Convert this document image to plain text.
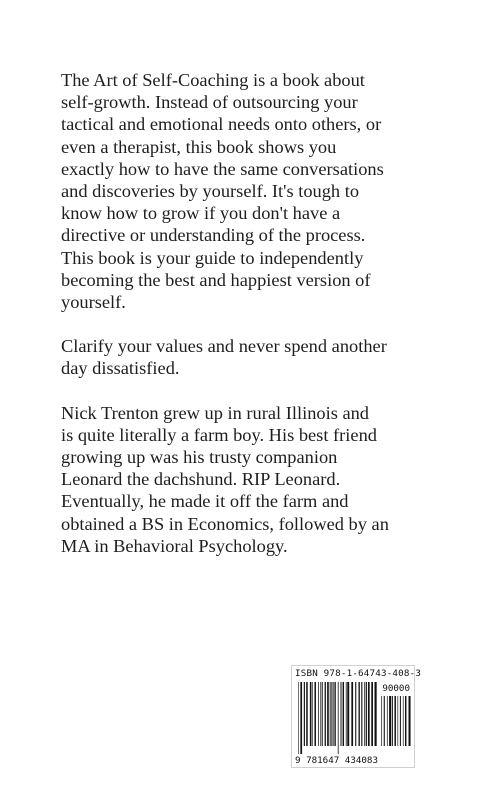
The Art of Self-Coaching is a book about
self-growth. Instead of outsourcing your
tactical and emotional needs onto others, or
even a therapist, this book shows you
exactly how to have the same conversations
and discoveries by yourself. It's tough to
know how to grow if you don't have a
directive or understanding of the process.
This book is your guide to independently
becoming the best and happiest version of
yourself.

Clarify your values and never spend another
day dissatisfied.

Nick Trenton grew up in rural Illinois and
is quite literally a farm boy. His best friend
growing up was his trusty companion
Leonard the dachshund. RIP Leonard.
Eventually, he made it off the farm and
obtained a BS in Economics, followed by an
MA in Behavioral Psychology.

ISBN 978-1-64743-408-3
90000
9 781647 434083
